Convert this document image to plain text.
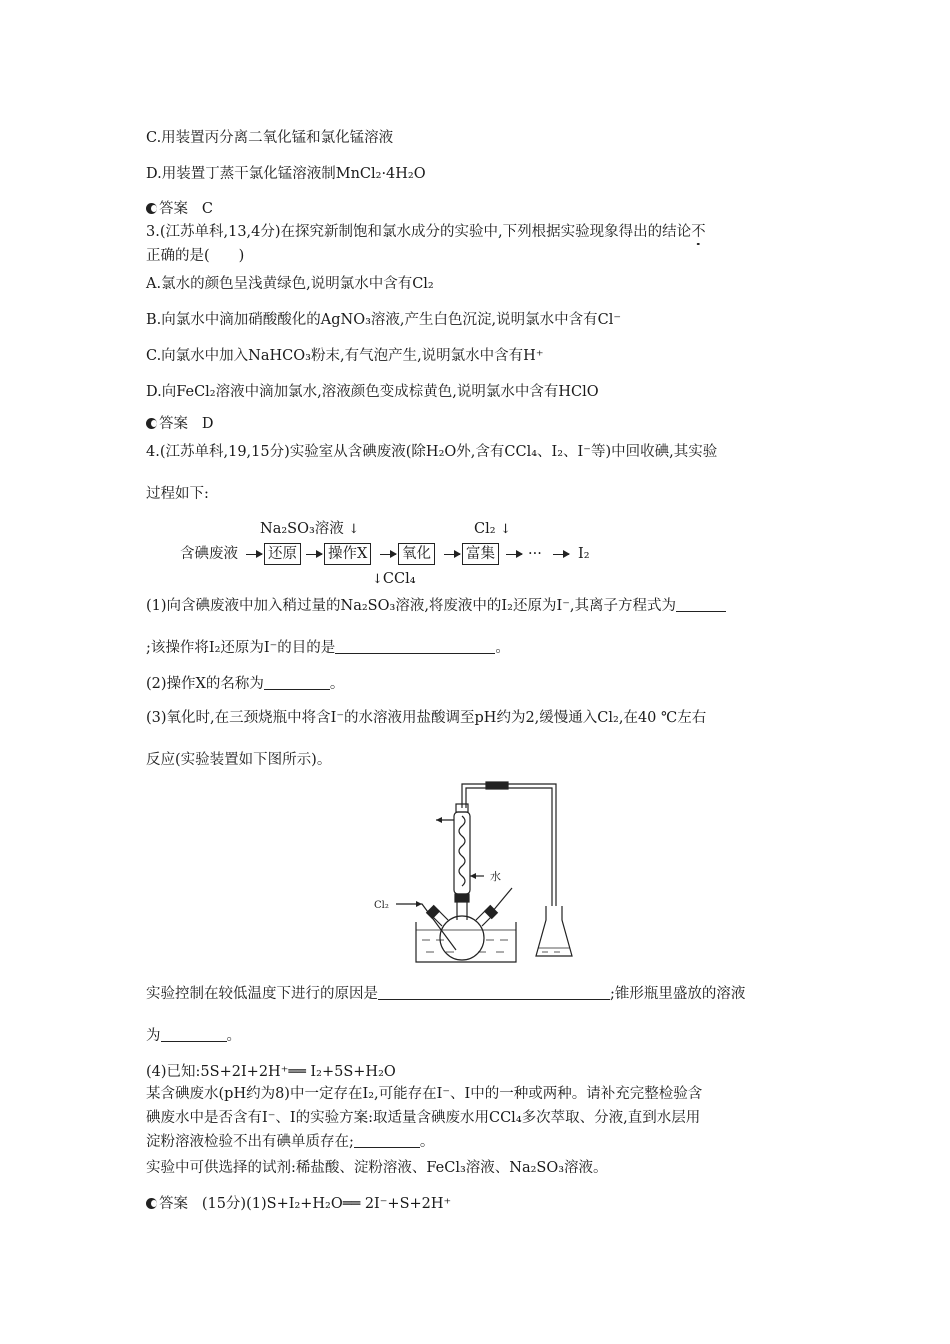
C.用装置丙分离二氧化锰和氯化锰溶液
D.用装置丁蒸干氯化锰溶液制MnCl₂·4H₂O
答案 C
3.(江苏单科,13,4分)在探究新制饱和氯水成分的实验中,下列根据实验现象得出的结论不
正确的是(　　)
A.氯水的颜色呈浅黄绿色,说明氯水中含有Cl₂
B.向氯水中滴加硝酸酸化的AgNO₃溶液,产生白色沉淀,说明氯水中含有Cl⁻
C.向氯水中加入NaHCO₃粉末,有气泡产生,说明氯水中含有H⁺
D.向FeCl₂溶液中滴加氯水,溶液颜色变成棕黄色,说明氯水中含有HClO
答案 D
4.(江苏单科,19,15分)实验室从含碘废液(除H₂O外,含有CCl₄、I₂、I⁻等)中回收碘,其实验
过程如下:
含碘废液 还原
Na₂SO₃溶液 ↓
操作X
↓CCl₄
氧化 富集
Cl₂ ↓
··· I₂
(1)向含碘废液中加入稍过量的Na₂SO₃溶液,将废液中的I₂还原为I⁻,其离子方程式为
;该操作将I₂还原为I⁻的目的是	。
(2)操作X的名称为	。
(3)氧化时,在三颈烧瓶中将含I⁻的水溶液用盐酸调至pH约为2,缓慢通入Cl₂,在40 ℃左右
反应(实验装置如下图所示)。
水
Cl₂
实验控制在较低温度下进行的原因是	;锥形瓶里盛放的溶液
为	。
(4)已知:5S+2I+2H⁺══ I₂+5S+H₂O
某含碘废水(pH约为8)中一定存在I₂,可能存在I⁻、I中的一种或两种。请补充完整检验含
碘废水中是否含有I⁻、I的实验方案:取适量含碘废水用CCl₄多次萃取、分液,直到水层用
淀粉溶液检验不出有碘单质存在;	。
实验中可供选择的试剂:稀盐酸、淀粉溶液、FeCl₃溶液、Na₂SO₃溶液。
答案 (15分)(1)S+I₂+H₂O══ 2I⁻+S+2H⁺
